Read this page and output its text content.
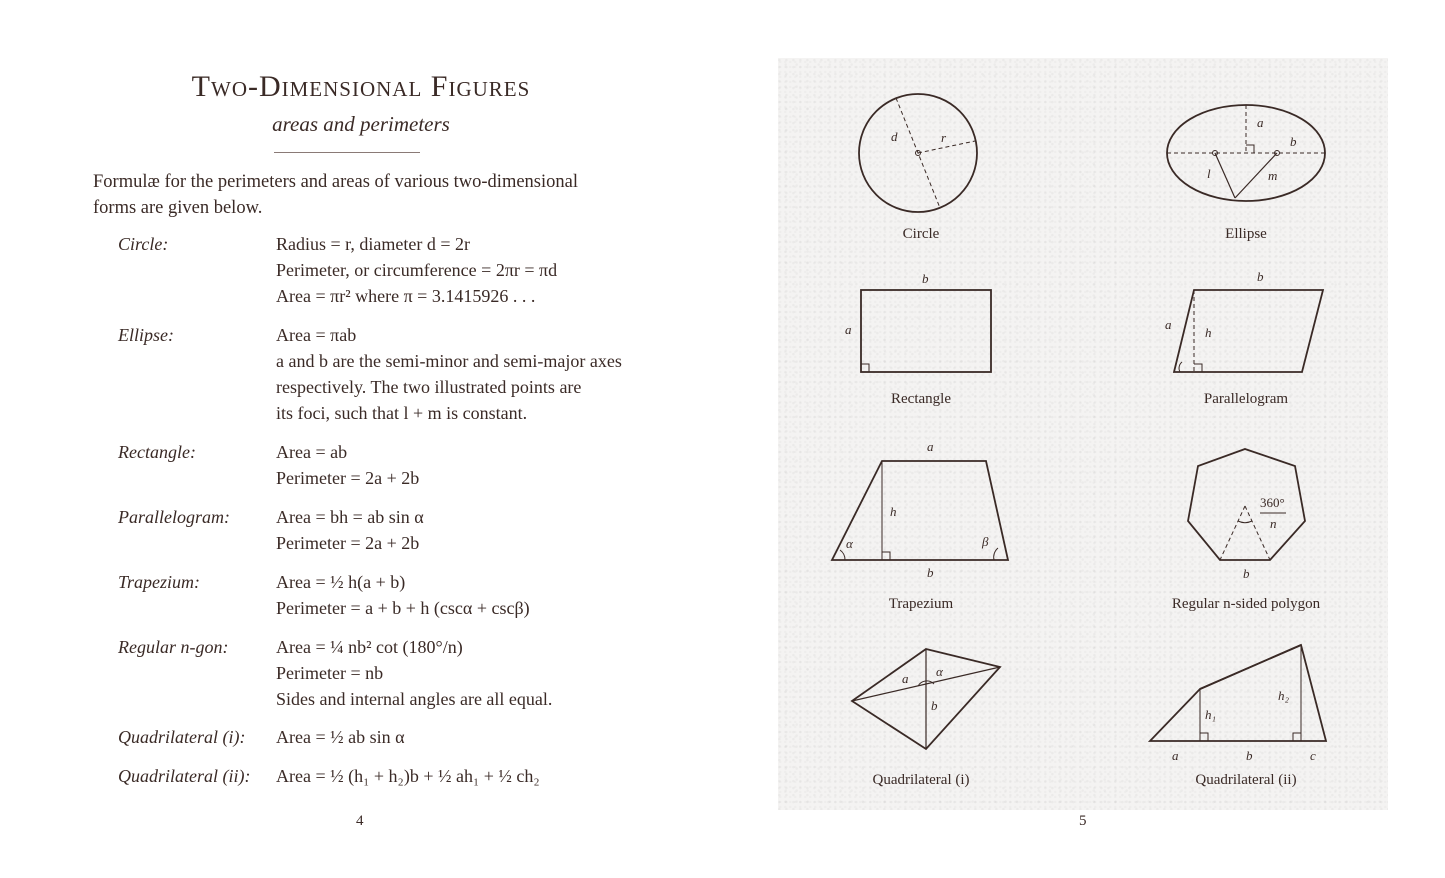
Two-Dimensional Figures
areas and perimeters
Formulæ for the perimeters and areas of various two-dimensional
forms are given below.
Circle:	Radius = r, diameter d = 2r
Perimeter, or circumference = 2πr = πd
Area = πr² where π = 3.1415926 . . .
Ellipse:	Area = πab
a and b are the semi-minor and semi-major axes
respectively. The two illustrated points are
its foci, such that l + m is constant.
Rectangle:	Area = ab
Perimeter = 2a + 2b
Parallelogram:	Area = bh = ab sin α
Perimeter = 2a + 2b
Trapezium:	Area = ½ h(a + b)
Perimeter = a + b + h (cscα + cscβ)
Regular n-gon:	Area = ¼ nb² cot (180°/n)
Perimeter = nb
Sides and internal angles are all equal.
Quadrilateral (i): Area = ½ ab sin α
Quadrilateral (ii): Area = ½ (h₁ + h₂)b + ½ ah₁ + ½ ch₂
4
d	r
a
b
l	m
b
a
b
a
h
a
h
α	β
b
360°
n
b
a α
b
h₁
h₂
a	b	c
Circle	Ellipse
Rectangle	Parallelogram
Trapezium	Regular n-sided polygon
Quadrilateral (i)	Quadrilateral (ii)
5
